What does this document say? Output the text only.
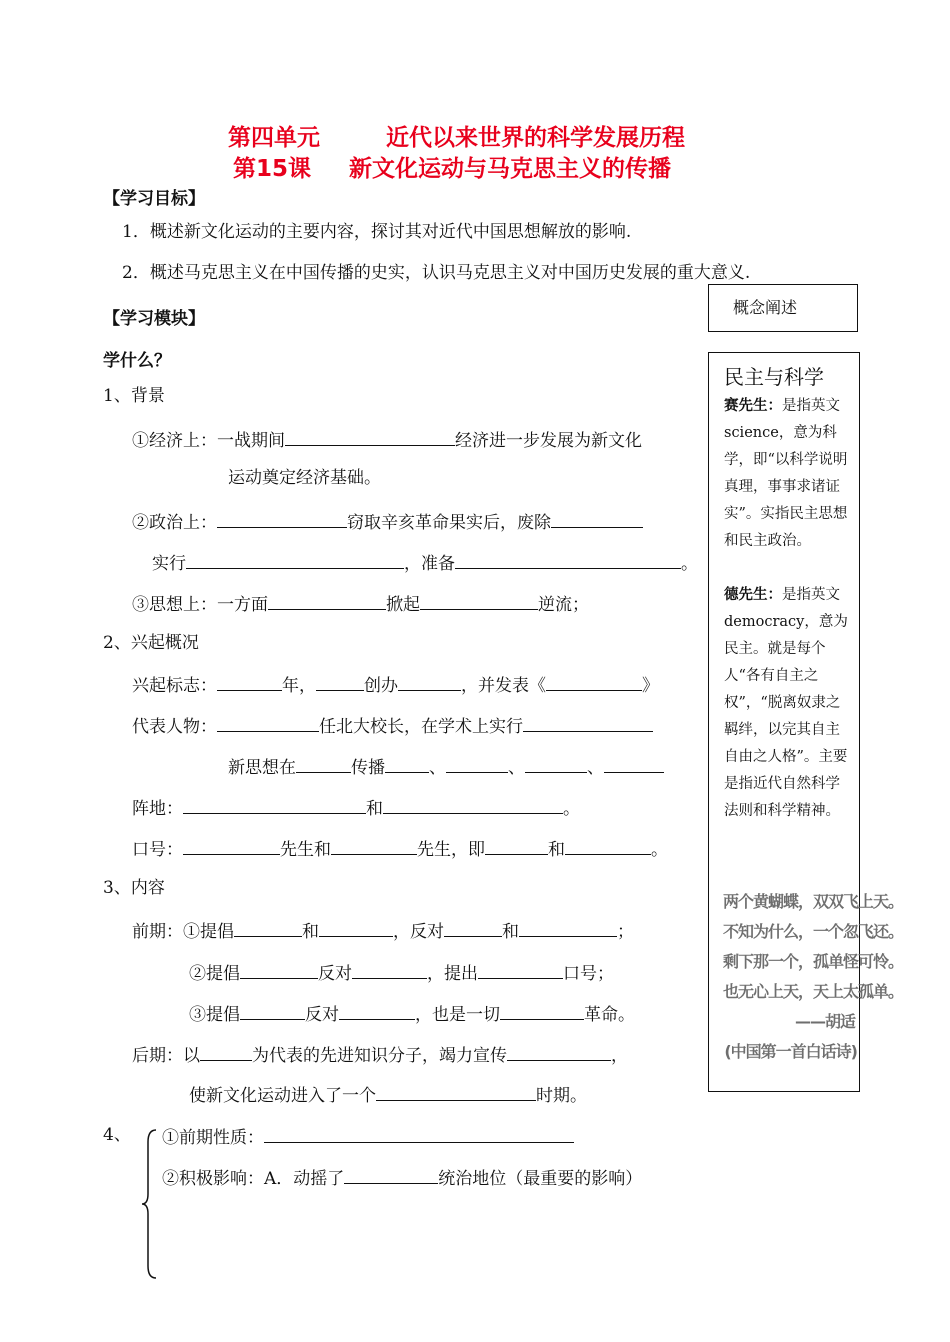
第四单元	近代以来世界的科学发展历程
第15课 新文化运动与马克思主义的传播
【学习目标】
1．概述新文化运动的主要内容，探讨其对近代中国思想解放的影响.
2．概述马克思主义在中国传播的史实，认识马克思主义对中国历史发展的重大意义.
【学习模块】
学什么？
1、背景
①经济上：一战期间	经济进一步发展为新文化
运动奠定经济基础。
②政治上：	窃取辛亥革命果实后，废除
实行	，准备	。
③思想上：一方面	掀起	逆流；
2、兴起概况
兴起标志：	年，	创办	，并发表《	》
代表人物：	任北大校长，在学术上实行
新思想在	传播	、	、	、
阵地：	和	。
口号：	先生和	先生，即	和	。
3、内容
前期：①提倡	和	，反对	和	；
②提倡	反对	，提出	口号；
③提倡	反对	，也是一切	革命。
后期：以	为代表的先进知识分子，竭力宣传	，
使新文化运动进入了一个	时期。
4、 ①前期性质：
②积极影响：A．动摇了	统治地位（最重要的影响）
概念阐述
民主与科学
赛先生：是指英文 science，意为科学，即“以科学说明真理，事事求诸证实”。实指民主思想和民主政治。
德先生：是指英文 democracy，意为民主。就是每个人“各有自主之权”，“脱离奴隶之羁绊，以完其自主自由之人格”。主要是指近代自然科学法则和科学精神。
两个黄蝴蝶，双双飞上天。
不知为什么，一个忽飞还。
剩下那一个，孤单怪可怜。
也无心上天，天上太孤单。
——胡适
(中国第一首白话诗)
